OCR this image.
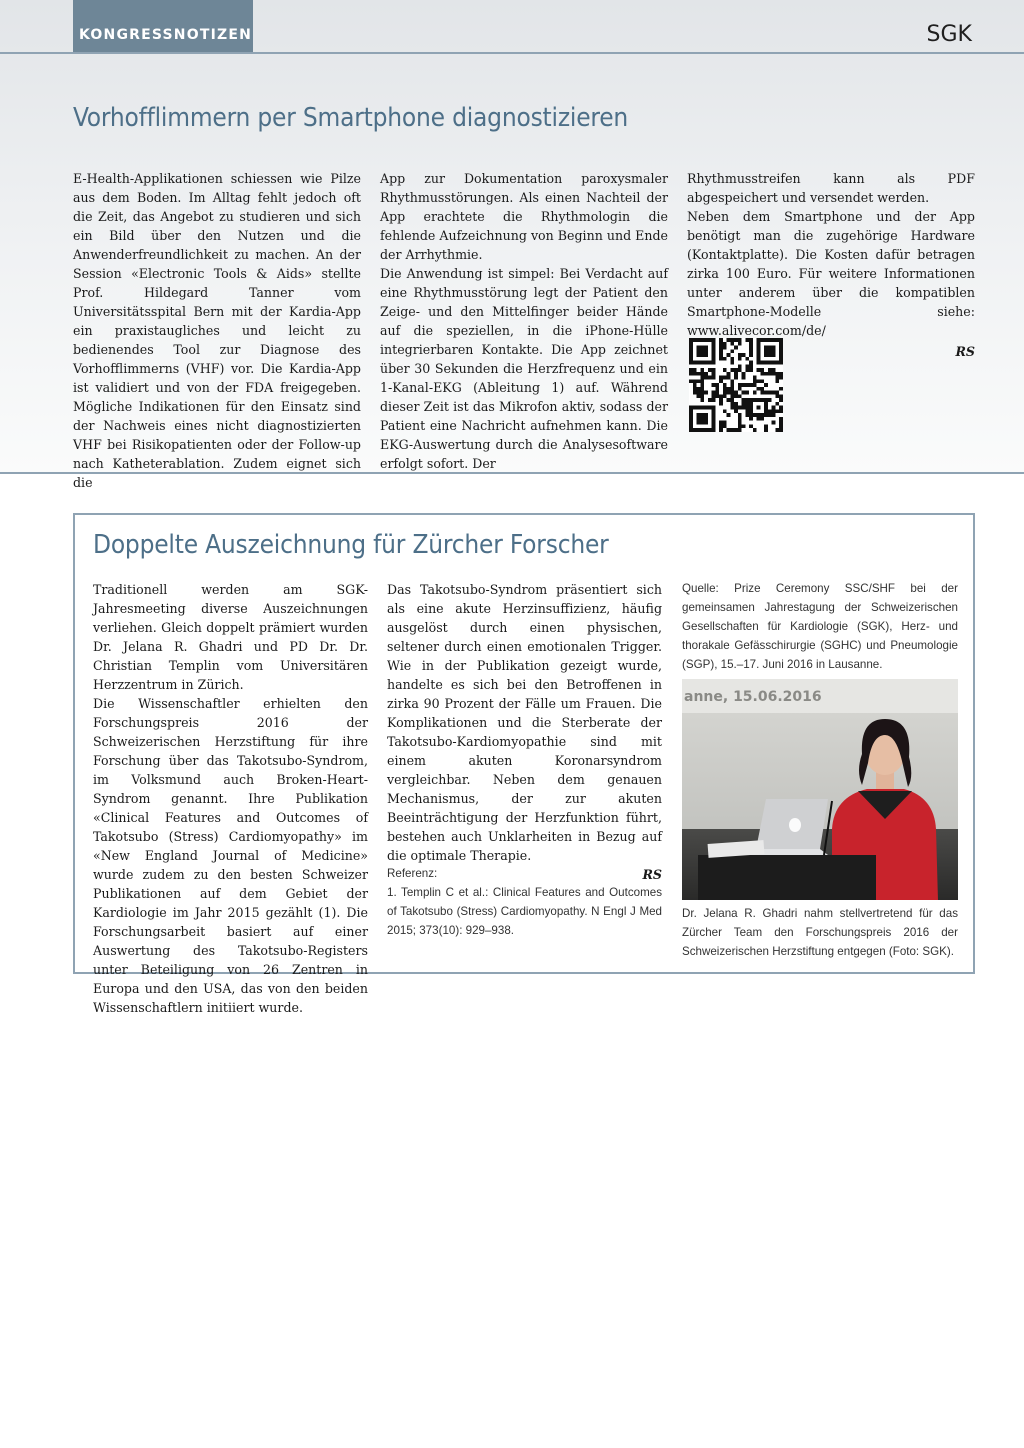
KONGRESSNOTIZEN	SGK
Vorhofflimmern per Smartphone diagnostizieren

E-Health-Applikationen schiessen wie Pilze aus dem Boden. Im Alltag fehlt jedoch oft die Zeit, das Angebot zu studieren und sich ein Bild über den Nutzen und die Anwenderfreundlichkeit zu machen. An der Session «Electronic Tools & Aids» stellte Prof. Hildegard Tanner vom Universitätsspital Bern mit der Kardia-App ein praxistaugliches und leicht zu bedienendes Tool zur Diagnose des Vorhofflimmerns (VHF) vor. Die Kardia-App ist validiert und von der FDA freigegeben. Mögliche Indikationen für den Einsatz sind der Nachweis eines nicht diagnostizierten VHF bei Risikopatienten oder der Follow-up nach Katheterablation. Zudem eignet sich die

App zur Dokumentation paroxysmaler Rhythmusstörungen. Als einen Nachteil der App erachtete die Rhythmologin die fehlende Aufzeichnung von Beginn und Ende der Arrhythmie.

Die Anwendung ist simpel: Bei Verdacht auf eine Rhythmusstörung legt der Patient den Zeige- und den Mittelfinger beider Hände auf die speziellen, in die iPhone-Hülle integrierbaren Kontakte. Die App zeichnet über 30 Sekunden die Herzfrequenz und ein 1-Kanal-EKG (Ableitung 1) auf. Während dieser Zeit ist das Mikrofon aktiv, sodass der Patient eine Nachricht aufnehmen kann. Die EKG-Auswertung durch die Analysesoftware erfolgt sofort. Der

Rhythmusstreifen kann als PDF abgespeichert und versendet werden.

Neben dem Smartphone und der App benötigt man die zugehörige Hardware (Kontaktplatte). Die Kosten dafür betragen zirka 100 Euro. Für weitere Informationen unter anderem über die kompatiblen Smartphone-Modelle siehe: www.alivecor.com/de/

RS

Doppelte Auszeichnung für Zürcher Forscher

Traditionell werden am SGK-Jahresmeeting diverse Auszeichnungen verliehen. Gleich doppelt prämiert wurden Dr. Jelana R. Ghadri und PD Dr. Dr. Christian Templin vom Universitären Herzzentrum in Zürich.

Die Wissenschaftler erhielten den Forschungspreis 2016 der Schweizerischen Herzstiftung für ihre Forschung über das Takotsubo-Syndrom, im Volksmund auch Broken-Heart-Syndrom genannt. Ihre Publikation «Clinical Features and Outcomes of Takotsubo (Stress) Cardiomyopathy» im «New England Journal of Medicine» wurde zudem zu den besten Schweizer Publikationen auf dem Gebiet der Kardiologie im Jahr 2015 gezählt (1). Die Forschungsarbeit basiert auf einer Auswertung des Takotsubo-Registers unter Beteiligung von 26 Zentren in Europa und den USA, das von den beiden Wissenschaftlern initiiert wurde.

Das Takotsubo-Syndrom präsentiert sich als eine akute Herzinsuffizienz, häufig ausgelöst durch einen physischen, seltener durch einen emotionalen Trigger. Wie in der Publikation gezeigt wurde, handelte es sich bei den Betroffenen in zirka 90 Prozent der Fälle um Frauen. Die Komplikationen und die Sterberate der Takotsubo-Kardiomyopathie sind mit einem akuten Koronarsyndrom vergleichbar. Neben dem genauen Mechanismus, der zur akuten Beeinträchtigung der Herzfunktion führt, bestehen auch Unklarheiten in Bezug auf die optimale Therapie.

RS

Referenz:
1. Templin C et al.: Clinical Features and Outcomes of Takotsubo (Stress) Cardiomyopathy. N Engl J Med 2015; 373(10): 929–938.
Quelle: Prize Ceremony SSC/SHF bei der gemeinsamen Jahrestagung der Schweizerischen Gesellschaften für Kardiologie (SGK), Herz- und thorakale Gefässchirurgie (SGHC) und Pneumologie (SGP), 15.–17. Juni 2016 in Lausanne.
anne, 15.06.2016
Dr. Jelana R. Ghadri nahm stellvertretend für das Zürcher Team den Forschungspreis 2016 der Schweizerischen Herzstiftung entgegen (Foto: SGK).
